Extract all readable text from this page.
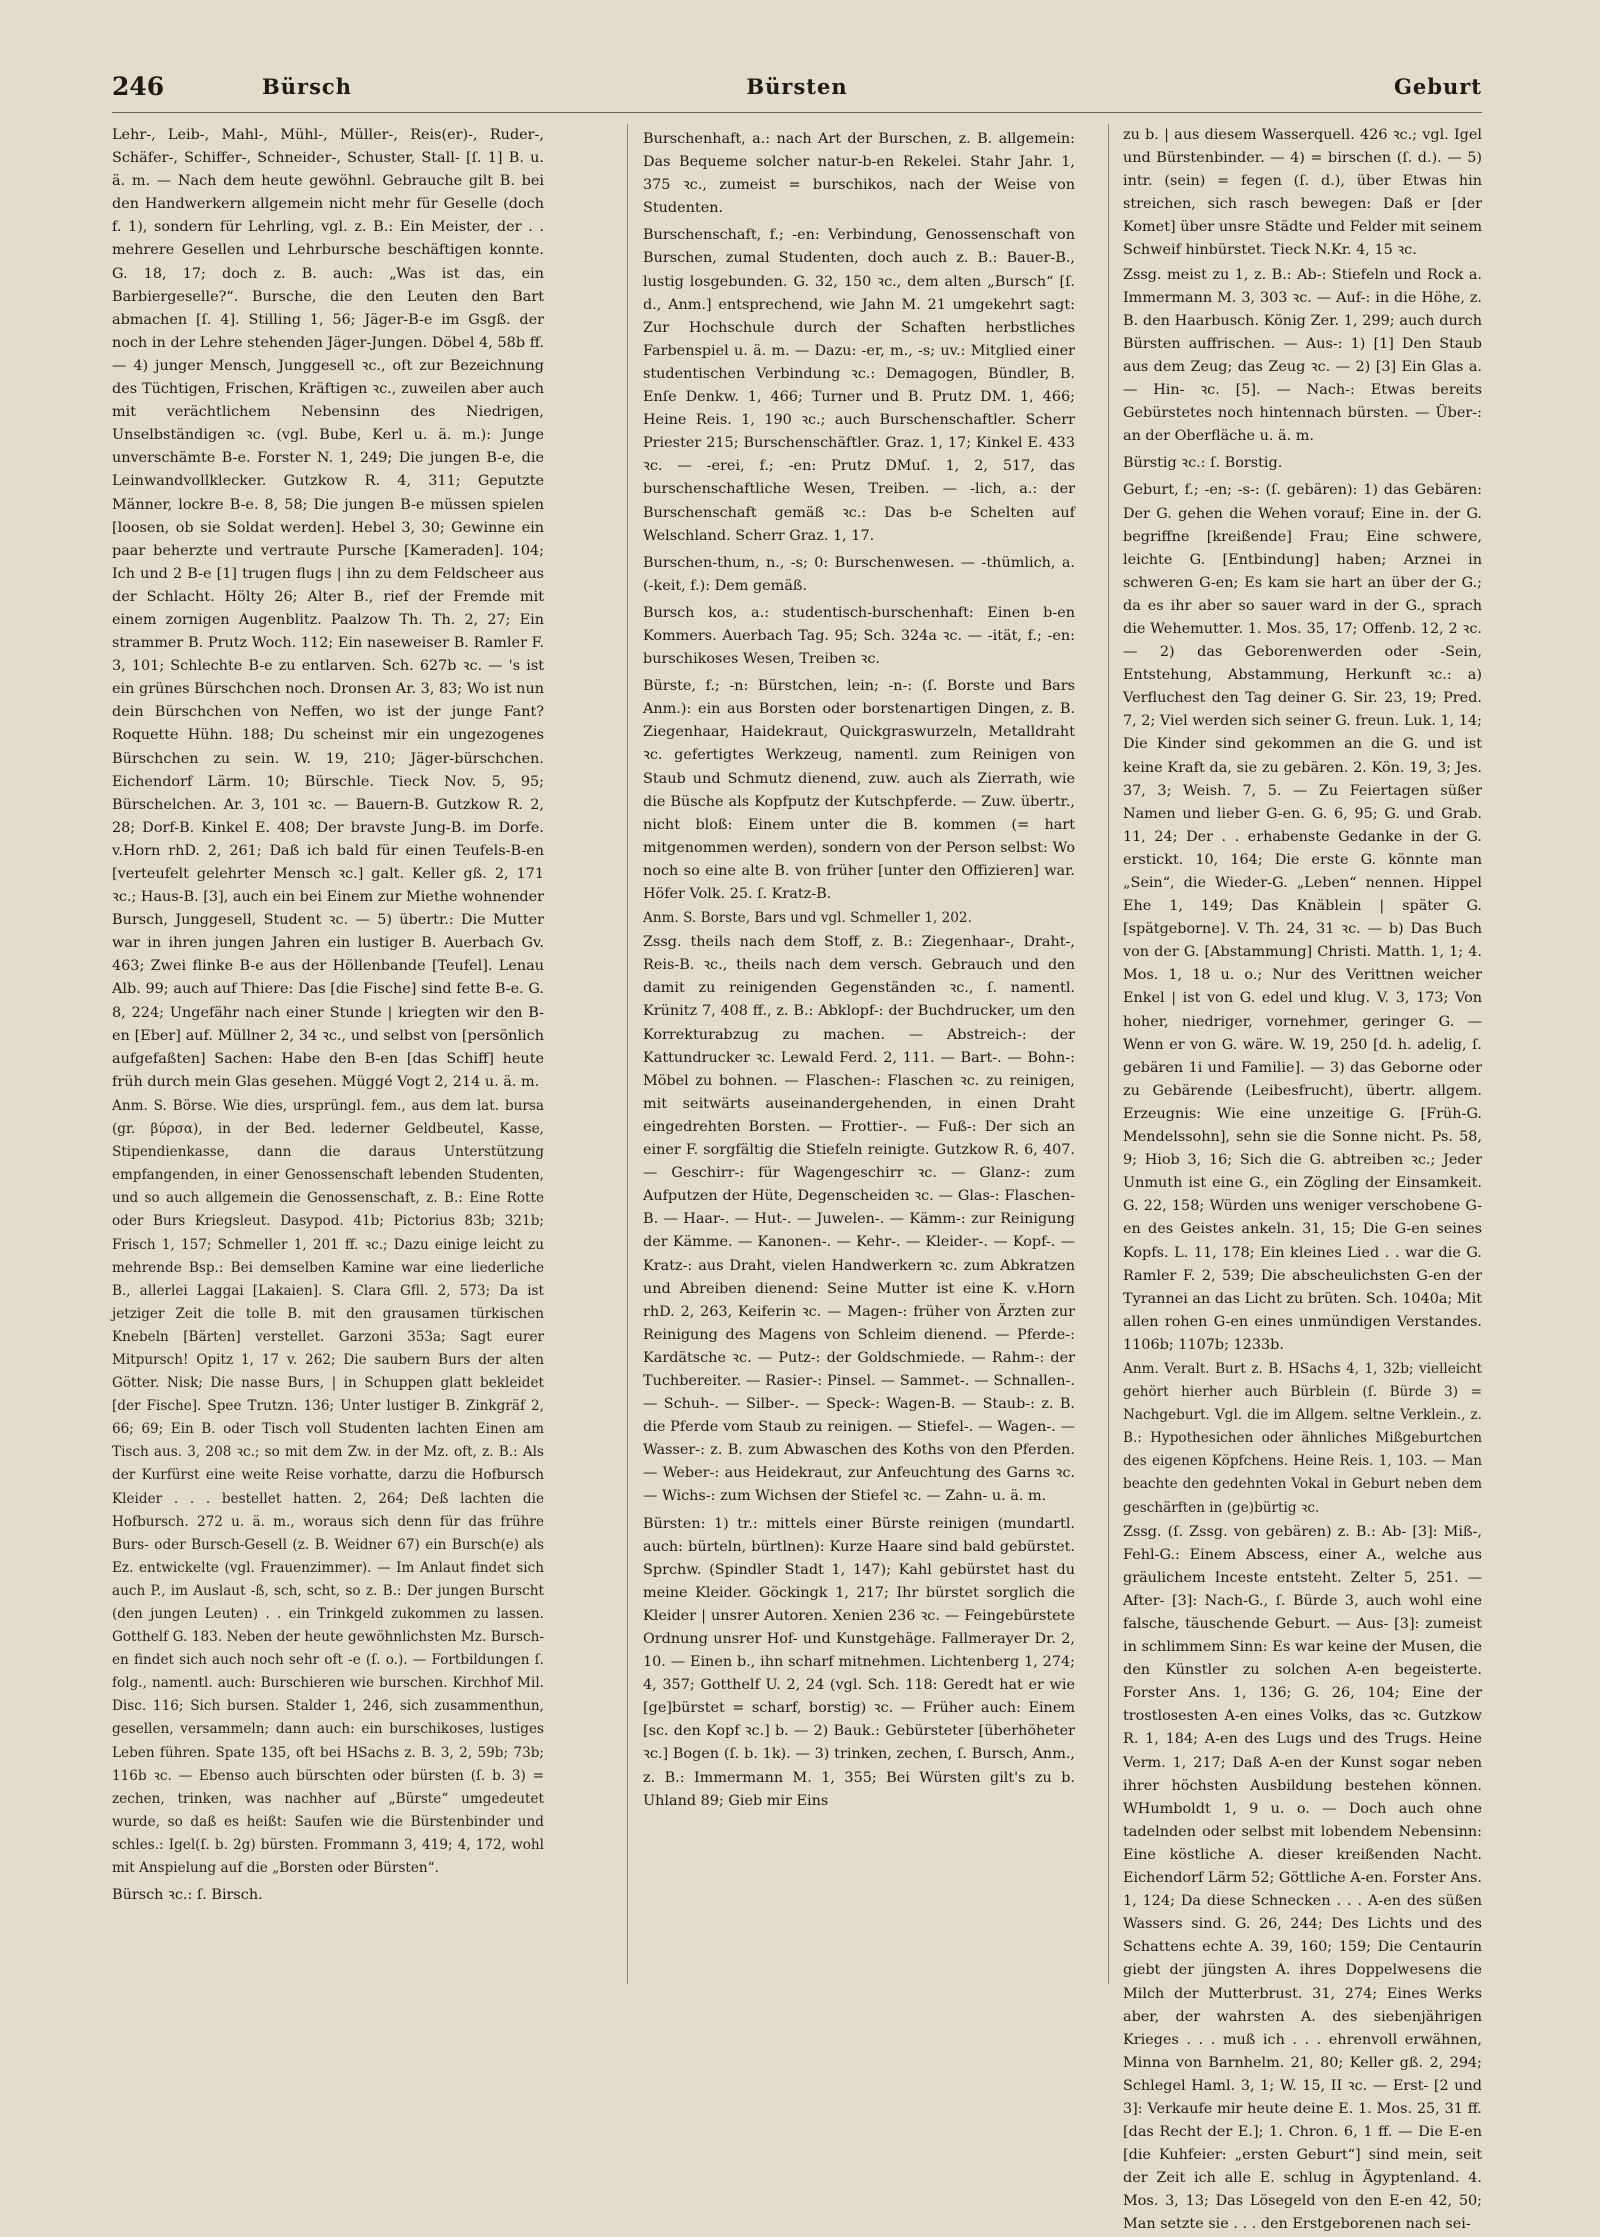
246	Bürsch	Bürsten	Geburt

Lehr-, Leib-, Mahl-, Mühl-, Müller-, Reis(er)-, Ruder-, Schäfer-, Schiffer-, Schneider-, Schuster, Stall- [ſ. 1] B. u. ä. m. — Nach dem heute gewöhnl. Gebrauche gilt B. bei den Handwerkern allgemein nicht mehr für Geselle (doch f. 1), sondern für Lehrling, vgl. z. B.: Ein Meister, der . . mehrere Gesellen und Lehrbursche beschäftigen konnte. G. 18, 17; doch z. B. auch: „Was ist das, ein Barbiergeselle?“. Bursche, die den Leuten den Bart abmachen [ſ. 4]. Stilling 1, 56; Jäger-B-e im Gsgß. der noch in der Lehre stehenden Jäger-Jungen. Döbel 4, 58b ff. — 4) junger Mensch, Junggesell ꝛc., oft zur Bezeichnung des Tüchtigen, Frischen, Kräftigen ꝛc., zuweilen aber auch mit verächtlichem Nebensinn des Niedrigen, Unselbständigen ꝛc. (vgl. Bube, Kerl u. ä. m.): Junge unverschämte B-e. Forster N. 1, 249; Die jungen B-e, die Leinwandvollklecker. Gutzkow R. 4, 311; Geputzte Männer, lockre B-e. 8, 58; Die jungen B-e müssen spielen [loosen, ob sie Soldat werden]. Hebel 3, 30; Gewinne ein paar beherzte und vertraute Pursche [Kameraden]. 104; Ich und 2 B-e [1] trugen flugs | ihn zu dem Feldscheer aus der Schlacht. Hölty 26; Alter B., rief der Fremde mit einem zornigen Augenblitz. Paalzow Th. Th. 2, 27; Ein strammer B. Prutz Woch. 112; Ein naseweiser B. Ramler F. 3, 101; Schlechte B-e zu entlarven. Sch. 627b ꝛc. — 's ist ein grünes Bürschchen noch. Dronsen Ar. 3, 83; Wo ist nun dein Bürschchen von Neffen, wo ist der junge Fant? Roquette Hühn. 188; Du scheinst mir ein ungezogenes Bürschchen zu sein. W. 19, 210; Jäger-bürschchen. Eichendorf Lärm. 10; Bürschle. Tieck Nov. 5, 95; Bürschelchen. Ar. 3, 101 ꝛc. — Bauern-B. Gutzkow R. 2, 28; Dorf-B. Kinkel E. 408; Der bravste Jung-B. im Dorfe. v.Horn rhD. 2, 261; Daß ich bald für einen Teufels-B-en [verteufelt gelehrter Mensch ꝛc.] galt. Keller gß. 2, 171 ꝛc.; Haus-B. [3], auch ein bei Einem zur Miethe wohnender Bursch, Junggesell, Student ꝛc. — 5) übertr.: Die Mutter war in ihren jungen Jahren ein lustiger B. Auerbach Gv. 463; Zwei flinke B-e aus der Höllenbande [Teufel]. Lenau Alb. 99; auch auf Thiere: Das [die Fische] sind fette B-e. G. 8, 224; Ungefähr nach einer Stunde | kriegten wir den B-en [Eber] auf. Müllner 2, 34 ꝛc., und selbst von [persönlich aufgefaßten] Sachen: Habe den B-en [das Schiff] heute früh durch mein Glas gesehen. Müggé Vogt 2, 214 u. ä. m.

Anm. S. Börse. Wie dies, ursprüngl. fem., aus dem lat. bursa (gr. βύρσα), in der Bed. lederner Geldbeutel, Kasse, Stipendienkasse, dann die daraus Unterstützung empfangenden, in einer Genossenschaft lebenden Studenten, und so auch allgemein die Genossenschaft, z. B.: Eine Rotte oder Burs Kriegsleut. Dasypod. 41b; Pictorius 83b; 321b; Frisch 1, 157; Schmeller 1, 201 ff. ꝛc.; Dazu einige leicht zu mehrende Bsp.: Bei demselben Kamine war eine liederliche B., allerlei Laggai [Lakaien]. S. Clara Gfll. 2, 573; Da ist jetziger Zeit die tolle B. mit den grausamen türkischen Knebeln [Bärten] verstellet. Garzoni 353a; Sagt eurer Mitpursch! Opitz 1, 17 v. 262; Die saubern Burs der alten Götter. Nisk; Die nasse Burs, | in Schuppen glatt bekleidet [der Fische]. Spee Trutzn. 136; Unter lustiger B. Zinkgräf 2, 66; 69; Ein B. oder Tisch voll Studenten lachten Einen am Tisch aus. 3, 208 ꝛc.; so mit dem Zw. in der Mz. oft, z. B.: Als der Kurfürst eine weite Reise vorhatte, darzu die Hofbursch Kleider . . . bestellet hatten. 2, 264; Deß lachten die Hofbursch. 272 u. ä. m., woraus sich denn für das frühre Burs- oder Bursch-Gesell (z. B. Weidner 67) ein Bursch(e) als Ez. entwickelte (vgl. Frauenzimmer). — Im Anlaut findet sich auch P., im Auslaut -ß, sch, scht, so z. B.: Der jungen Burscht (den jungen Leuten) . . ein Trinkgeld zukommen zu lassen. Gotthelf G. 183. Neben der heute gewöhnlichsten Mz. Bursch-en findet sich auch noch sehr oft -e (ſ. o.). — Fortbildungen ſ. folg., namentl. auch: Burschieren wie burschen. Kirchhof Mil. Disc. 116; Sich bursen. Stalder 1, 246, sich zusammenthun, gesellen, versammeln; dann auch: ein burschikoses, lustiges Leben führen. Spate 135, oft bei HSachs z. B. 3, 2, 59b; 73b; 116b ꝛc. — Ebenso auch bürschten oder bürsten (ſ. b. 3) = zechen, trinken, was nachher auf „Bürste“ umgedeutet wurde, so daß es heißt: Saufen wie die Bürstenbinder und schles.: Igel(ſ. b. 2g) bürsten. Frommann 3, 419; 4, 172, wohl mit Anspielung auf die „Borsten oder Bürsten“.

Bürsch ꝛc.: ſ. Birsch.

Burschenhaft, a.: nach Art der Burschen, z. B. allgemein: Das Bequeme solcher natur-b-en Rekelei. Stahr Jahr. 1, 375 ꝛc., zumeist = burschikos, nach der Weise von Studenten.

Burschenschaft, f.; -en: Verbindung, Genossenschaft von Burschen, zumal Studenten, doch auch z. B.: Bauer-B., lustig losgebunden. G. 32, 150 ꝛc., dem alten „Bursch“ [ſ. d., Anm.] entsprechend, wie Jahn M. 21 umgekehrt sagt: Zur Hochschule durch der Schaften herbstliches Farbenspiel u. ä. m. — Dazu: -er, m., -s; uv.: Mitglied einer studentischen Verbindung ꝛc.: Demagogen, Bündler, B. Enſe Denkw. 1, 466; Turner und B. Prutz DM. 1, 466; Heine Reis. 1, 190 ꝛc.; auch Burschenschaftler. Scherr Priester 215; Burschenschäftler. Graz. 1, 17; Kinkel E. 433 ꝛc. — -erei, f.; -en: Prutz DMuſ. 1, 2, 517, das burschenschaftliche Wesen, Treiben. — -lich, a.: der Burschenschaft gemäß ꝛc.: Das b-e Schelten auf Welschland. Scherr Graz. 1, 17.

Burschen-thum, n., -s; 0: Burschenwesen. — -thümlich, a. (-keit, f.): Dem gemäß.

Bursch kos, a.: studentisch-burschenhaft: Einen b-en Kommers. Auerbach Tag. 95; Sch. 324a ꝛc. — -ität, f.; -en: burschikoses Wesen, Treiben ꝛc.

Bürste, f.; -n: Bürstchen, lein; -n-: (ſ. Borste und Bars Anm.): ein aus Borsten oder borstenartigen Dingen, z. B. Ziegenhaar, Haidekraut, Quickgraswurzeln, Metalldraht ꝛc. gefertigtes Werkzeug, namentl. zum Reinigen von Staub und Schmutz dienend, zuw. auch als Zierrath, wie die Büsche als Kopfputz der Kutschpferde. — Zuw. übertr., nicht bloß: Einem unter die B. kommen (= hart mitgenommen werden), sondern von der Person selbst: Wo noch so eine alte B. von früher [unter den Offizieren] war. Höfer Volk. 25. ſ. Kratz-B.

Anm. S. Borste, Bars und vgl. Schmeller 1, 202.

Zssg. theils nach dem Stoff, z. B.: Ziegenhaar-, Draht-, Reis-B. ꝛc., theils nach dem versch. Gebrauch und den damit zu reinigenden Gegenständen ꝛc., ſ. namentl. Krünitz 7, 408 ff., z. B.: Abklopf-: der Buchdrucker, um den Korrekturabzug zu machen. — Abstreich-: der Kattundrucker ꝛc. Lewald Ferd. 2, 111. — Bart-. — Bohn-: Möbel zu bohnen. — Flaschen-: Flaschen ꝛc. zu reinigen, mit seitwärts auseinandergehenden, in einen Draht eingedrehten Borsten. — Frottier-. — Fuß-: Der sich an einer F. sorgfältig die Stiefeln reinigte. Gutzkow R. 6, 407. — Geschirr-: für Wagengeschirr ꝛc. — Glanz-: zum Aufputzen der Hüte, Degenscheiden ꝛc. — Glas-: Flaschen-B. — Haar-. — Hut-. — Juwelen-. — Kämm-: zur Reinigung der Kämme. — Kanonen-. — Kehr-. — Kleider-. — Kopf-. — Kratz-: aus Draht, vielen Handwerkern ꝛc. zum Abkratzen und Abreiben dienend: Seine Mutter ist eine K. v.Horn rhD. 2, 263, Keiferin ꝛc. — Magen-: früher von Ärzten zur Reinigung des Magens von Schleim dienend. — Pferde-: Kardätsche ꝛc. — Putz-: der Goldschmiede. — Rahm-: der Tuchbereiter. — Rasier-: Pinsel. — Sammet-. — Schnallen-. — Schuh-. — Silber-. — Speck-: Wagen-B. — Staub-: z. B. die Pferde vom Staub zu reinigen. — Stiefel-. — Wagen-. — Wasser-: z. B. zum Abwaschen des Koths von den Pferden. — Weber-: aus Heidekraut, zur Anfeuchtung des Garns ꝛc. — Wichs-: zum Wichsen der Stiefel ꝛc. — Zahn- u. ä. m.

Bürsten: 1) tr.: mittels einer Bürste reinigen (mundartl. auch: bürteln, bürtlnen): Kurze Haare sind bald gebürstet. Sprchw. (Spindler Stadt 1, 147); Kahl gebürstet hast du meine Kleider. Göckingk 1, 217; Ihr bürstet sorglich die Kleider | unsrer Autoren. Xenien 236 ꝛc. — Feingebürstete Ordnung unsrer Hof- und Kunstgehäge. Fallmerayer Dr. 2, 10. — Einen b., ihn scharf mitnehmen. Lichtenberg 1, 274; 4, 357; Gotthelf U. 2, 24 (vgl. Sch. 118: Geredt hat er wie [ge]bürstet = scharf, borstig) ꝛc. — Früher auch: Einem [sc. den Kopf ꝛc.] b. — 2) Bauk.: Gebürsteter [überhöheter ꝛc.] Bogen (ſ. b. 1k). — 3) trinken, zechen, ſ. Bursch, Anm., z. B.: Immermann M. 1, 355; Bei Würsten gilt's zu b. Uhland 89; Gieb mir Eins

zu b. | aus diesem Wasserquell. 426 ꝛc.; vgl. Igel und Bürstenbinder. — 4) = birschen (ſ. d.). — 5) intr. (sein) = fegen (ſ. d.), über Etwas hin streichen, sich rasch bewegen: Daß er [der Komet] über unsre Städte und Felder mit seinem Schweif hinbürstet. Tieck N.Kr. 4, 15 ꝛc.

Zssg. meist zu 1, z. B.: Ab-: Stiefeln und Rock a. Immermann M. 3, 303 ꝛc. — Auf-: in die Höhe, z. B. den Haarbusch. König Zer. 1, 299; auch durch Bürsten auffrischen. — Aus-: 1) [1] Den Staub aus dem Zeug; das Zeug ꝛc. — 2) [3] Ein Glas a. — Hin- ꝛc. [5]. — Nach-: Etwas bereits Gebürstetes noch hintennach bürsten. — Über-: an der Oberfläche u. ä. m.

Bürstig ꝛc.: ſ. Borstig.

Geburt, f.; -en; -s-: (ſ. gebären): 1) das Gebären: Der G. gehen die Wehen vorauf; Eine in. der G. begriffne [kreißende] Frau; Eine schwere, leichte G. [Entbindung] haben; Arznei in schweren G-en; Es kam sie hart an über der G.; da es ihr aber so sauer ward in der G., sprach die Wehemutter. 1. Mos. 35, 17; Offenb. 12, 2 ꝛc. — 2) das Geborenwerden oder -Sein, Entstehung, Abstammung, Herkunft ꝛc.: a) Verfluchest den Tag deiner G. Sir. 23, 19; Pred. 7, 2; Viel werden sich seiner G. freun. Luk. 1, 14; Die Kinder sind gekommen an die G. und ist keine Kraft da, sie zu gebären. 2. Kön. 19, 3; Jes. 37, 3; Weish. 7, 5. — Zu Feiertagen süßer Namen und lieber G-en. G. 6, 95; G. und Grab. 11, 24; Der . . erhabenste Gedanke in der G. erstickt. 10, 164; Die erste G. könnte man „Sein“, die Wieder-G. „Leben“ nennen. Hippel Ehe 1, 149; Das Knäblein | später G. [spätgeborne]. V. Th. 24, 31 ꝛc. — b) Das Buch von der G. [Abstammung] Christi. Matth. 1, 1; 4. Mos. 1, 18 u. o.; Nur des Verittnen weicher Enkel | ist von G. edel und klug. V. 3, 173; Von hoher, niedriger, vornehmer, geringer G. — Wenn er von G. wäre. W. 19, 250 [d. h. adelig, ſ. gebären 1i und Familie]. — 3) das Geborne oder zu Gebärende (Leibesfrucht), übertr. allgem. Erzeugnis: Wie eine unzeitige G. [Früh-G. Mendelssohn], sehn sie die Sonne nicht. Ps. 58, 9; Hiob 3, 16; Sich die G. abtreiben ꝛc.; Jeder Unmuth ist eine G., ein Zögling der Einsamkeit. G. 22, 158; Würden uns weniger verschobene G-en des Geistes ankeln. 31, 15; Die G-en seines Kopfs. L. 11, 178; Ein kleines Lied . . war die G. Ramler F. 2, 539; Die abscheulichsten G-en der Tyrannei an das Licht zu brüten. Sch. 1040a; Mit allen rohen G-en eines unmündigen Verstandes. 1106b; 1107b; 1233b.

Anm. Veralt. Burt z. B. HSachs 4, 1, 32b; vielleicht gehört hierher auch Bürblein (ſ. Bürde 3) = Nachgeburt. Vgl. die im Allgem. seltne Verklein., z. B.: Hypothesichen oder ähnliches Mißgeburtchen des eigenen Köpfchens. Heine Reis. 1, 103. — Man beachte den gedehnten Vokal in Geburt neben dem geschärften in (ge)bürtig ꝛc.

Zssg. (ſ. Zssg. von gebären) z. B.: Ab- [3]: Miß-, Fehl-G.: Einem Abscess, einer A., welche aus gräulichem Inceste entsteht. Zelter 5, 251. — After- [3]: Nach-G., ſ. Bürde 3, auch wohl eine falsche, täuschende Geburt. — Aus- [3]: zumeist in schlimmem Sinn: Es war keine der Musen, die den Künstler zu solchen A-en begeisterte. Forster Ans. 1, 136; G. 26, 104; Eine der trostlosesten A-en eines Volks, das ꝛc. Gutzkow R. 1, 184; A-en des Lugs und des Trugs. Heine Verm. 1, 217; Daß A-en der Kunst sogar neben ihrer höchsten Ausbildung bestehen können. WHumboldt 1, 9 u. o. — Doch auch ohne tadelnden oder selbst mit lobendem Nebensinn: Eine köstliche A. dieser kreißenden Nacht. Eichendorf Lärm 52; Göttliche A-en. Forster Ans. 1, 124; Da diese Schnecken . . . A-en des süßen Wassers sind. G. 26, 244; Des Lichts und des Schattens echte A. 39, 160; 159; Die Centaurin giebt der jüngsten A. ihres Doppelwesens die Milch der Mutterbrust. 31, 274; Eines Werks aber, der wahrsten A. des siebenjährigen Krieges . . . muß ich . . . ehrenvoll erwähnen, Minna von Barnhelm. 21, 80; Keller gß. 2, 294; Schlegel Haml. 3, 1; W. 15, II ꝛc. — Erst- [2 und 3]: Verkaufe mir heute deine E. 1. Mos. 25, 31 ff. [das Recht der E.]; 1. Chron. 6, 1 ff. — Die E-en [die Kuhfeier: „ersten Geburt“] sind mein, seit der Zeit ich alle E. schlug in Ägyptenland. 4. Mos. 3, 13; Das Lösegeld von den E-en 42, 50; Man setzte sie . . . den Erstgeborenen nach sei-
